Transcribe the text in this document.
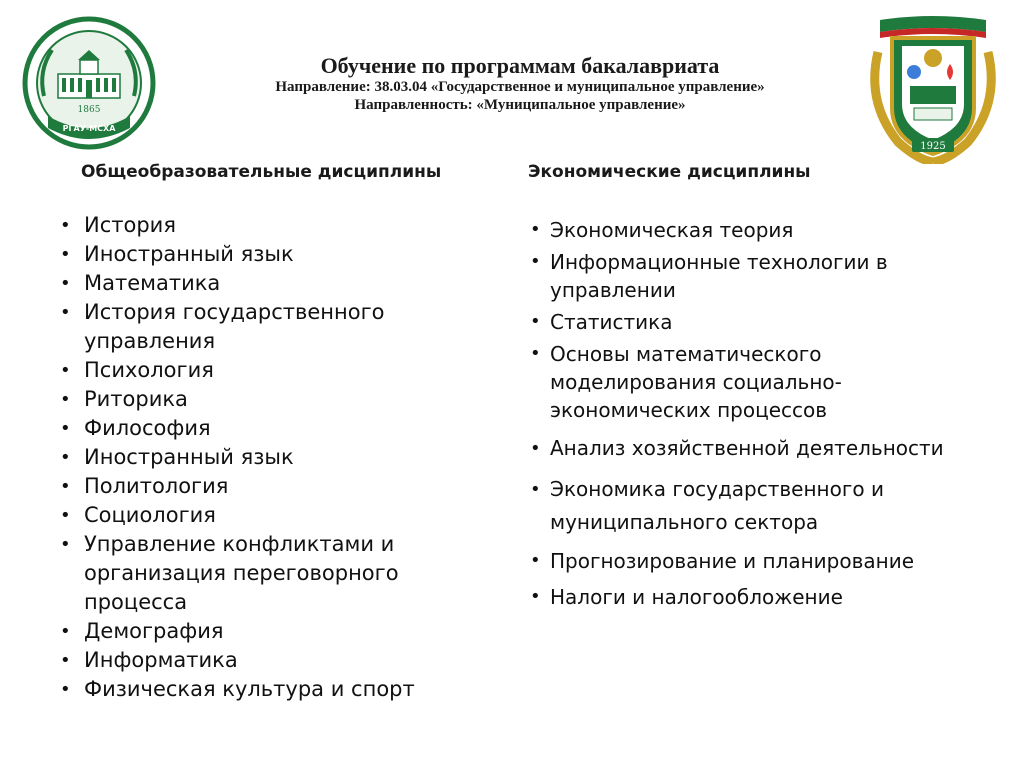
1865
РГАУ-МСХА
Обучение по программам бакалавриата
Направление: 38.03.04 «Государственное и муниципальное управление»
Направленность: «Муниципальное управление»
1925
Общеобразовательные дисциплины	Экономические дисциплины
• История
• Иностранный язык
• Математика
• История государственного управления
• Психология
• Риторика
• Философия
• Иностранный язык
• Политология
• Социология
• Управление конфликтами и организация переговорного процесса
• Демография
• Информатика
• Физическая культура и спорт
• Экономическая теория
• Информационные технологии в управлении
• Статистика
• Основы математического моделирования социально-экономических процессов
• Анализ хозяйственной деятельности
• Экономика государственного и муниципального сектора
• Прогнозирование и планирование
• Налоги и налогообложение
